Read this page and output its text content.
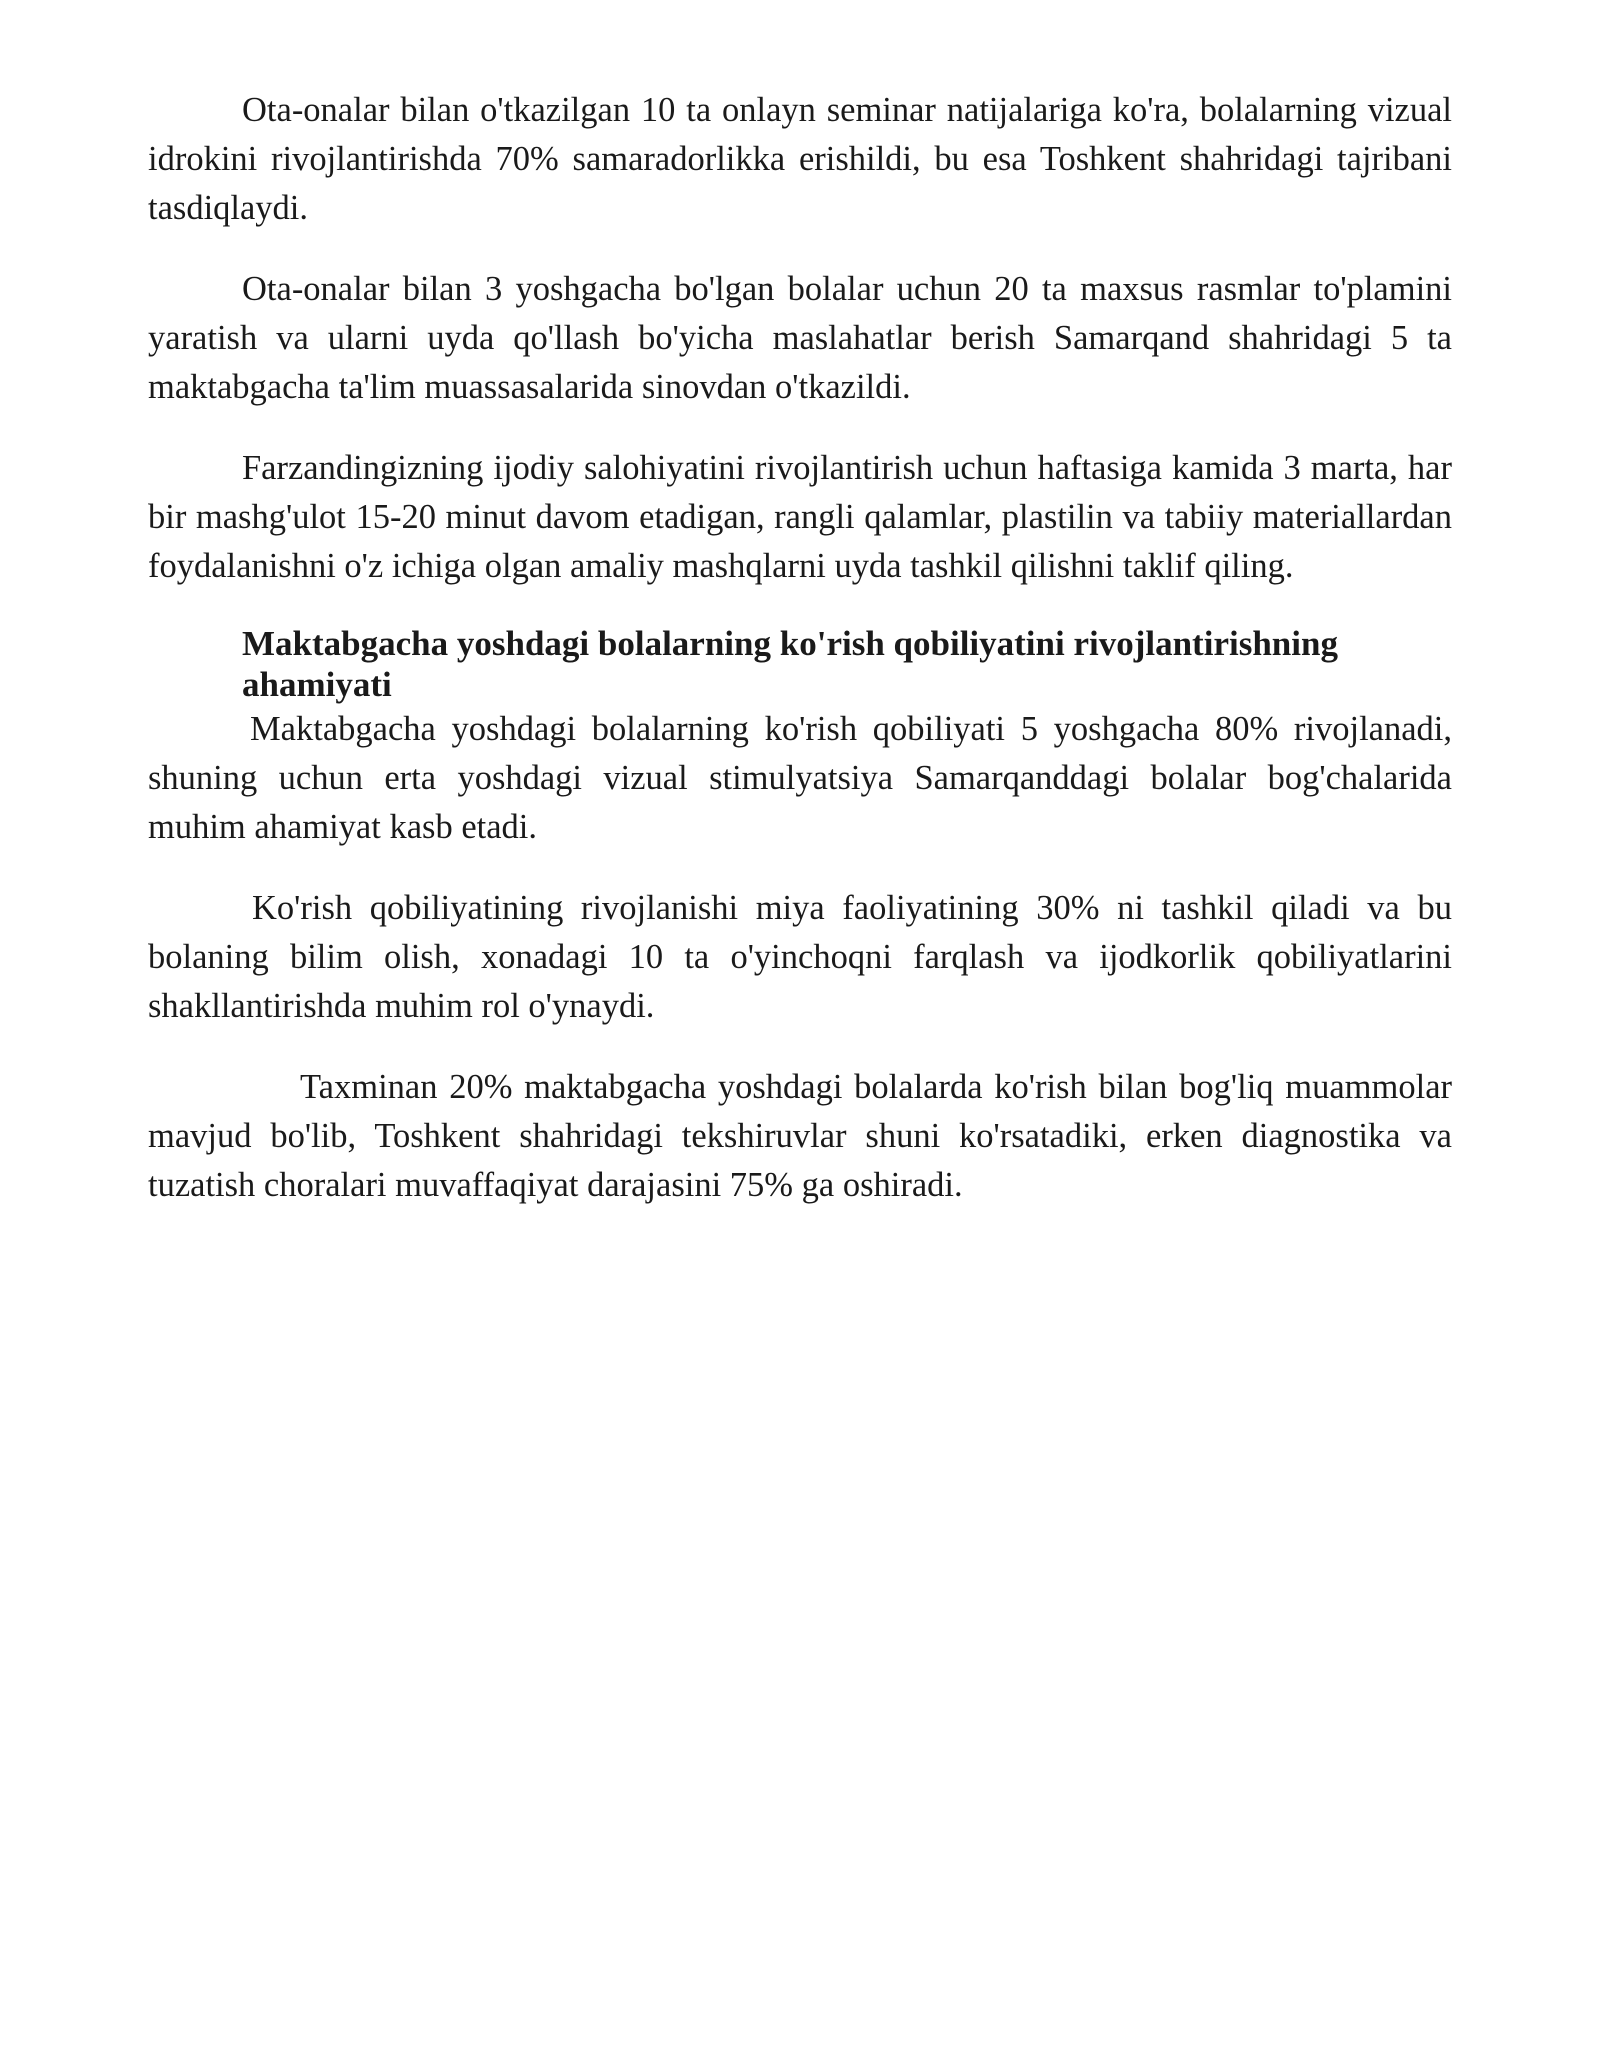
Ota-onalar bilan o'tkazilgan 10 ta onlayn seminar natijalariga ko'ra, bolalarning vizual idrokini rivojlantirishda 70% samaradorlikka erishildi, bu esa Toshkent shahridagi tajribani tasdiqlaydi.

Ota-onalar bilan 3 yoshgacha bo'lgan bolalar uchun 20 ta maxsus rasmlar to'plamini yaratish va ularni uyda qo'llash bo'yicha maslahatlar berish Samarqand shahridagi 5 ta maktabgacha ta'lim muassasalarida sinovdan o'tkazildi.

Farzandingizning ijodiy salohiyatini rivojlantirish uchun haftasiga kamida 3 marta, har bir mashg'ulot 15-20 minut davom etadigan, rangli qalamlar, plastilin va tabiiy materiallardan foydalanishni o'z ichiga olgan amaliy mashqlarni uyda tashkil qilishni taklif qiling.

Maktabgacha yoshdagi bolalarning ko'rish qobiliyatini rivojlantirishning ahamiyati

Maktabgacha yoshdagi bolalarning ko'rish qobiliyati 5 yoshgacha 80% rivojlanadi, shuning uchun erta yoshdagi vizual stimulyatsiya Samarqanddagi bolalar bog'chalarida muhim ahamiyat kasb etadi.

Ko'rish qobiliyatining rivojlanishi miya faoliyatining 30% ni tashkil qiladi va bu bolaning bilim olish, xonadagi 10 ta o'yinchoqni farqlash va ijodkorlik qobiliyatlarini shakllantirishda muhim rol o'ynaydi.

Taxminan 20% maktabgacha yoshdagi bolalarda ko'rish bilan bog'liq muammolar mavjud bo'lib, Toshkent shahridagi tekshiruvlar shuni ko'rsatadiki, erken diagnostika va tuzatish choralari muvaffaqiyat darajasini 75% ga oshiradi.
